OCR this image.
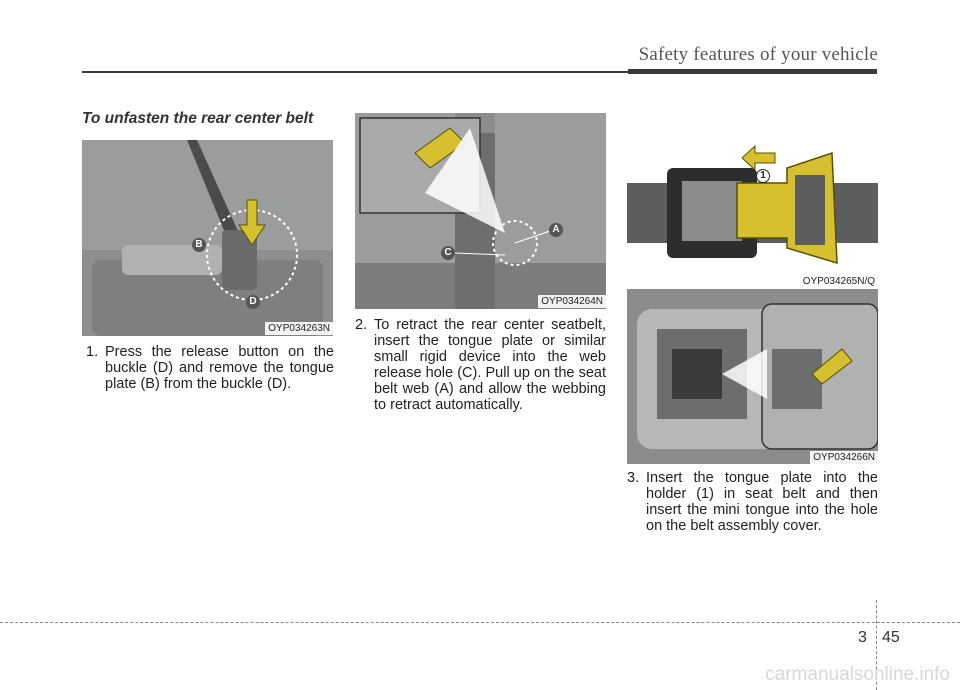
Safety features of your vehicle
To unfasten the rear center belt
B
D
OYP034263N
A
C
OYP034264N
1
OYP034265N/Q
OYP034266N
1. Press the release button on the buckle (D) and remove the tongue plate (B) from the buckle (D).
2. To retract the rear center seatbelt, insert the tongue plate or similar small rigid device into the web release hole (C). Pull up on the seat belt web (A) and allow the webbing to retract automatically.
3. Insert the tongue plate into the holder (1) in seat belt and then insert the mini tongue into the hole on the belt assembly cover.
3 45
carmanualsonline.info
